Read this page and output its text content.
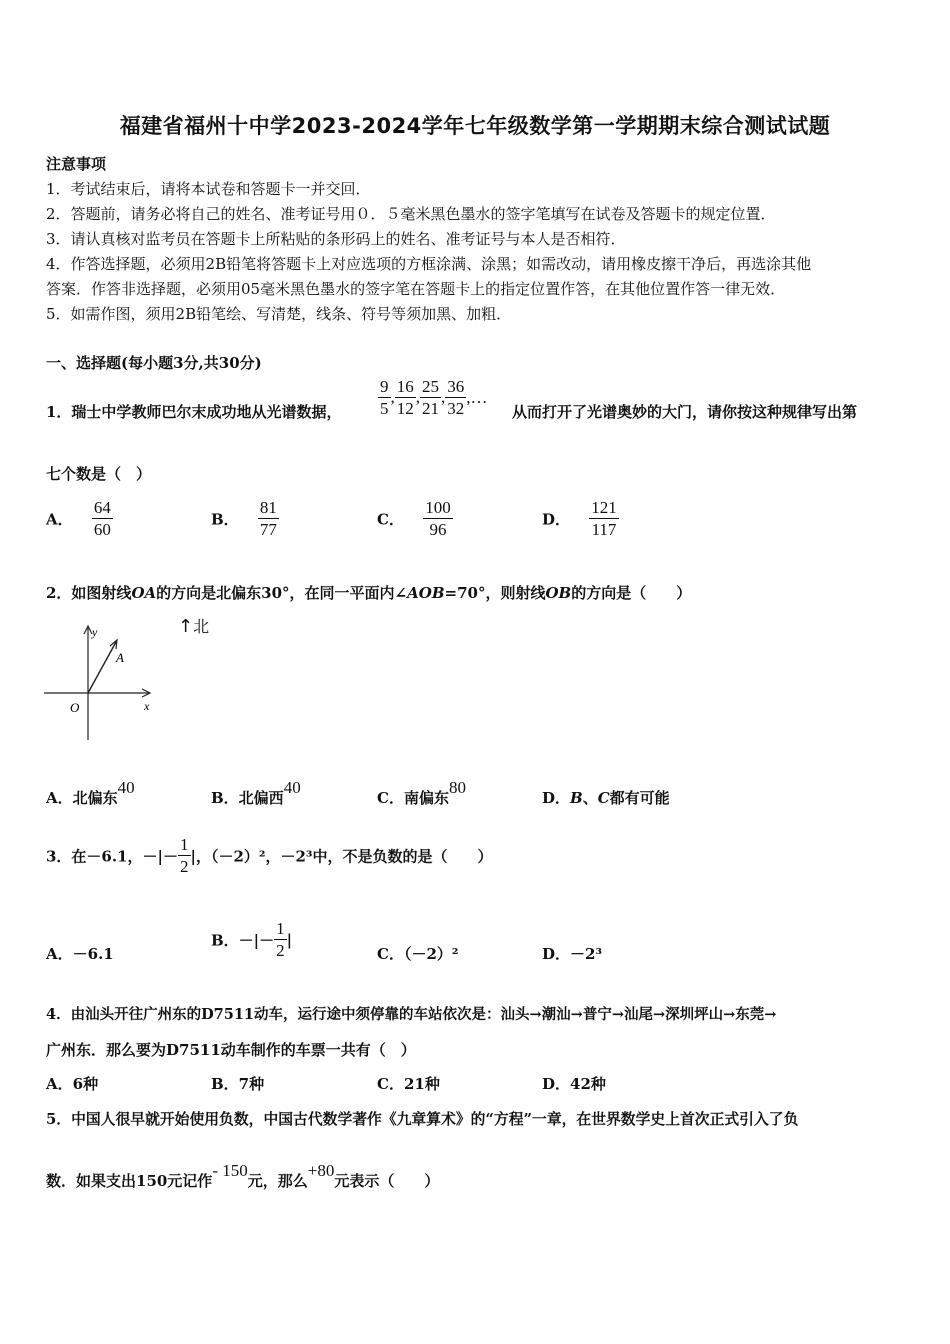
福建省福州十中学2023-2024学年七年级数学第一学期期末综合测试试题
注意事项
1．考试结束后，请将本试卷和答题卡一并交回．
2．答题前，请务必将自己的姓名、准考证号用０．５毫米黑色墨水的签字笔填写在试卷及答题卡的规定位置．
3．请认真核对监考员在答题卡上所粘贴的条形码上的姓名、准考证号与本人是否相符．
4．作答选择题，必须用2B铅笔将答题卡上对应选项的方框涂满、涂黑；如需改动，请用橡皮擦干净后，再选涂其他
答案．作答非选择题，必须用05毫米黑色墨水的签字笔在答题卡上的指定位置作答，在其他位置作答一律无效．
5．如需作图，须用2B铅笔绘、写清楚，线条、符号等须加黑、加粗．
一、选择题(每小题3分,共30分)
1．瑞士中学教师巴尔末成功地从光谱数据， $\frac{9}{5}$ , $\frac{16}{12}$ , $\frac{25}{21}$ , $\frac{36}{32}$ ,…
从而打开了光谱奥妙的大门，请你按这种规律写出第
七个数是（　）
A． $\frac{64}{60}$	B． $\frac{81}{77}$	C． $\frac{100}{96}$	D． $\frac{121}{117}$
2．如图射线OA的方向是北偏东30°，在同一平面内∠AOB=70°，则射线OB的方向是（　　）
↑北
y
x
O
A
A．北偏东40
B．北偏西40
C．南偏东80
D．B、C都有可能
3．在－6.1，－|－ $\frac{1}{2}$ |，（－2）²，－2³中，不是负数的是（　　）
A．－6.1
B．－|－ $\frac{1}{2}$ |
C．（－2）²	D．－2³
4．由汕头开往广州东的D7511动车，运行途中须停靠的车站依次是：汕头→潮汕→普宁→汕尾→深圳坪山→东莞→
广州东．那么要为D7511动车制作的车票一共有（　）
A．6种	B．7种	C．21种	D．42种
5．中国人很早就开始使用负数，中国古代数学著作《九章算术》的“方程”一章，在世界数学史上首次正式引入了负
数．如果支出150元记作- 150元，那么+80元表示（　　）
